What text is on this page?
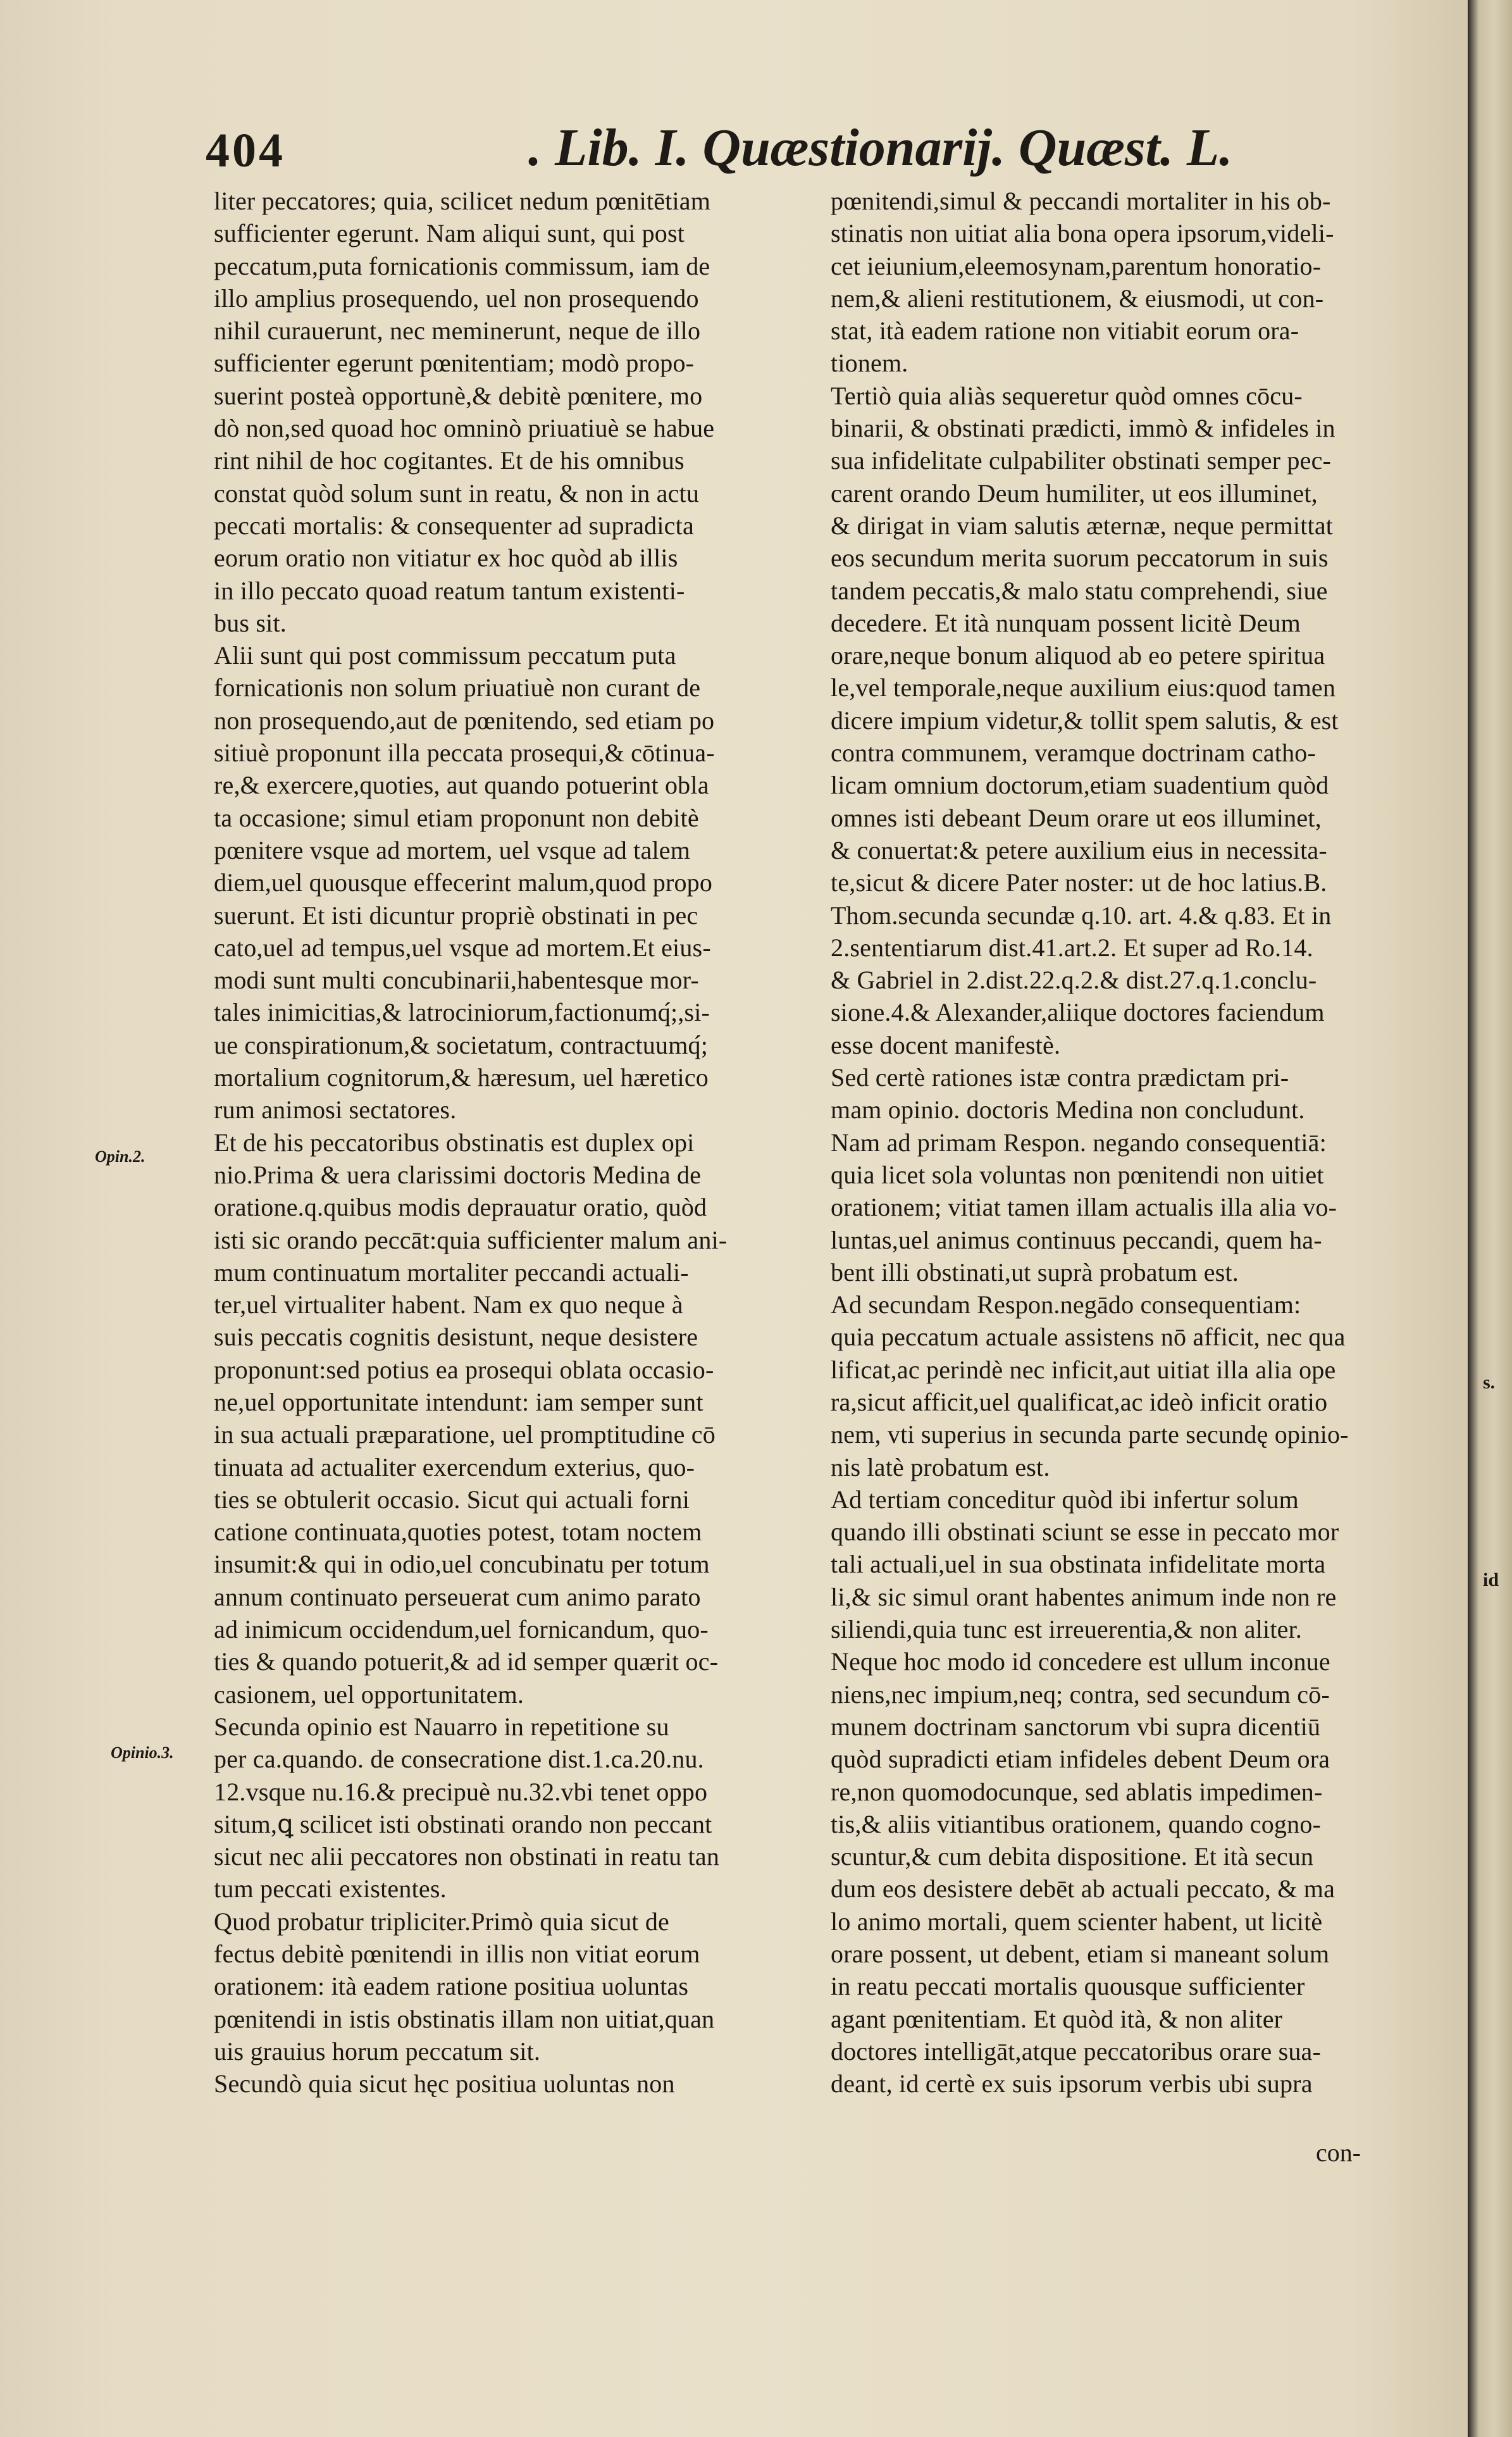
404	. Lib. I. Quæstionarij. Quæst. L.
liter peccatores; quia, scilicet nedum pœnitētiam
sufficienter egerunt. Nam aliqui sunt, qui post
peccatum,puta fornicationis commissum, iam de
illo amplius prosequendo, uel non prosequendo
nihil curauerunt, nec meminerunt, neque de illo
sufficienter egerunt pœnitentiam; modò propo-
suerint posteà opportunè,& debitè pœnitere, mo
dò non,sed quoad hoc omninò priuatiuè se habue
rint nihil de hoc cogitantes. Et de his omnibus
constat quòd solum sunt in reatu, & non in actu
peccati mortalis: & consequenter ad supradicta
eorum oratio non vitiatur ex hoc quòd ab illis
in illo peccato quoad reatum tantum existenti-
bus sit.
Alii sunt qui post commissum peccatum puta
fornicationis non solum priuatiuè non curant de
non prosequendo,aut de pœnitendo, sed etiam po
sitiuè proponunt illa peccata prosequi,& cōtinua-
re,& exercere,quoties, aut quando potuerint obla
ta occasione; simul etiam proponunt non debitè
pœnitere vsque ad mortem, uel vsque ad talem
diem,uel quousque effecerint malum,quod propo
suerunt. Et isti dicuntur propriè obstinati in pec
cato,uel ad tempus,uel vsque ad mortem.Et eius-
modi sunt multi concubinarii,habentesque mor-
tales inimicitias,& latrociniorum,factionumq́;,si-
ue conspirationum,& societatum, contractuumq́;
mortalium cognitorum,& hæresum, uel hæretico
rum animosi sectatores.
Et de his peccatoribus obstinatis est duplex opi
nio.Prima & uera clarissimi doctoris Medina de
oratione.q.quibus modis deprauatur oratio, quòd
isti sic orando peccāt:quia sufficienter malum ani-
mum continuatum mortaliter peccandi actuali-
ter,uel virtualiter habent. Nam ex quo neque à
suis peccatis cognitis desistunt, neque desistere
proponunt:sed potius ea prosequi oblata occasio-
ne,uel opportunitate intendunt: iam semper sunt
in sua actuali præparatione, uel promptitudine cō
tinuata ad actualiter exercendum exterius, quo-
ties se obtulerit occasio. Sicut qui actuali forni
catione continuata,quoties potest, totam noctem
insumit:& qui in odio,uel concubinatu per totum
annum continuato perseuerat cum animo parato
ad inimicum occidendum,uel fornicandum, quo-
ties & quando potuerit,& ad id semper quærit oc-
casionem, uel opportunitatem.
Secunda opinio est Nauarro in repetitione su
per ca.quando. de consecratione dist.1.ca.20.nu.
12.vsque nu.16.& precipuè nu.32.vbi tenet oppo
situm,ꝗ scilicet isti obstinati orando non peccant
sicut nec alii peccatores non obstinati in reatu tan
tum peccati existentes.
Quod probatur tripliciter.Primò quia sicut de
fectus debitè pœnitendi in illis non vitiat eorum
orationem: ità eadem ratione positiua uoluntas
pœnitendi in istis obstinatis illam non uitiat,quan
uis grauius horum peccatum sit.
Secundò quia sicut hęc positiua uoluntas non
pœnitendi,simul & peccandi mortaliter in his ob-
stinatis non uitiat alia bona opera ipsorum,videli-
cet ieiunium,eleemosynam,parentum honoratio-
nem,& alieni restitutionem, & eiusmodi, ut con-
stat, ità eadem ratione non vitiabit eorum ora-
tionem.
Tertiò quia aliàs sequeretur quòd omnes cōcu-
binarii, & obstinati prædicti, immò & infideles in
sua infidelitate culpabiliter obstinati semper pec-
carent orando Deum humiliter, ut eos illuminet,
& dirigat in viam salutis æternæ, neque permittat
eos secundum merita suorum peccatorum in suis
tandem peccatis,& malo statu comprehendi, siue
decedere. Et ità nunquam possent licitè Deum
orare,neque bonum aliquod ab eo petere spiritua
le,vel temporale,neque auxilium eius:quod tamen
dicere impium videtur,& tollit spem salutis, & est
contra communem, veramque doctrinam catho-
licam omnium doctorum,etiam suadentium quòd
omnes isti debeant Deum orare ut eos illuminet,
& conuertat:& petere auxilium eius in necessita-
te,sicut & dicere Pater noster: ut de hoc latius.B.
Thom.secunda secundæ q.10. art. 4.& q.83. Et in
2.sententiarum dist.41.art.2. Et super ad Ro.14.
& Gabriel in 2.dist.22.q.2.& dist.27.q.1.conclu-
sione.4.& Alexander,aliique doctores faciendum
esse docent manifestè.
Sed certè rationes istæ contra prædictam pri-
mam opinio. doctoris Medina non concludunt.
Nam ad primam Respon. negando consequentiā:
quia licet sola voluntas non pœnitendi non uitiet
orationem; vitiat tamen illam actualis illa alia vo-
luntas,uel animus continuus peccandi, quem ha-
bent illi obstinati,ut suprà probatum est.
Ad secundam Respon.negādo consequentiam:
quia peccatum actuale assistens nō afficit, nec qua
lificat,ac perindè nec inficit,aut uitiat illa alia ope
ra,sicut afficit,uel qualificat,ac ideò inficit oratio
nem, vti superius in secunda parte secundę opinio-
nis latè probatum est.
Ad tertiam conceditur quòd ibi infertur solum
quando illi obstinati sciunt se esse in peccato mor
tali actuali,uel in sua obstinata infidelitate morta
li,& sic simul orant habentes animum inde non re
siliendi,quia tunc est irreuerentia,& non aliter.
Neque hoc modo id concedere est ullum inconue
niens,nec impium,neq; contra, sed secundum cō-
munem doctrinam sanctorum vbi supra dicentiū
quòd supradicti etiam infideles debent Deum ora
re,non quomodocunque, sed ablatis impedimen-
tis,& aliis vitiantibus orationem, quando cogno-
scuntur,& cum debita dispositione. Et ità secun
dum eos desistere debēt ab actuali peccato, & ma
lo animo mortali, quem scienter habent, ut licitè
orare possent, ut debent, etiam si maneant solum
in reatu peccati mortalis quousque sufficienter
agant pœnitentiam. Et quòd ità, & non aliter
doctores intelligāt,atque peccatoribus orare sua-
deant, id certè ex suis ipsorum verbis ubi supra
Opin.2.
Opinio.3.
con-
s.
id
